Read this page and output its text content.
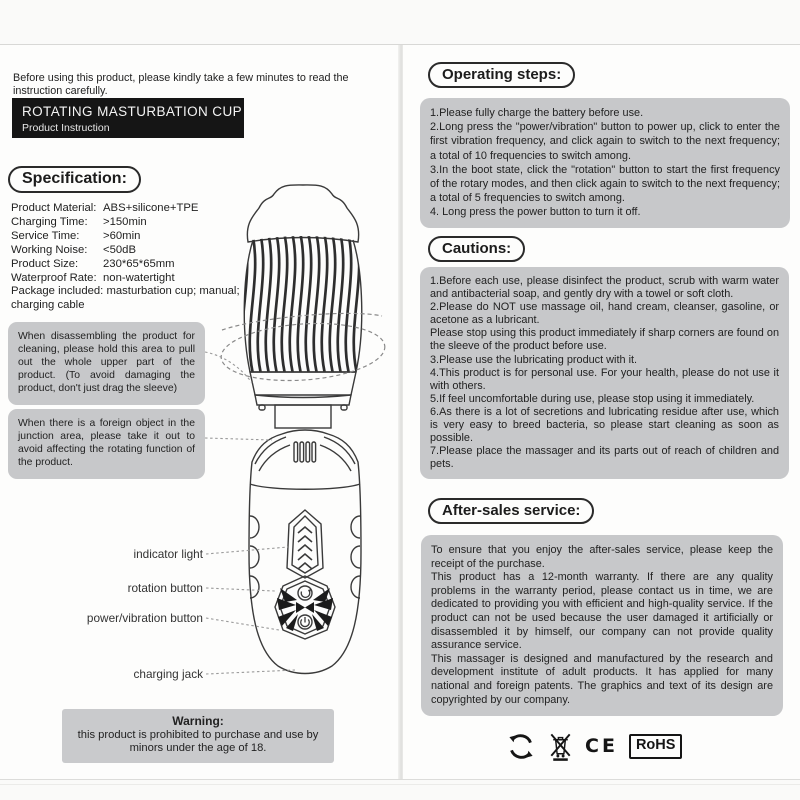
Before using this product, please kindly take a few minutes to read the instruction carefully.

ROTATING MASTURBATION CUP
Product Instruction
Specification:
Product Material: ABS+silicone+TPE
Charging Time:	>150min
Service Time:	>60min
Working Noise:	<50dB
Product Size:	230*65*65mm
Waterproof Rate: non-watertight
Package included: masturbation cup; manual; charging cable
When disassembling the product for cleaning, please hold this area to pull out the whole upper part of the product. (To avoid damaging the product, don't just drag the sleeve)
When there is a foreign object in the junction area, please take it out to avoid affecting the rotating function of the product.
indicator light
rotation button
power/vibration button
charging jack
Warning:
this product is prohibited to purchase and use by minors under the age of 18.
Operating steps:

1.Please fully charge the battery before use.

2.Long press the "power/vibration" button to power up, click to enter the first vibration frequency, and click again to switch to the next frequency; a total of 10 frequencies to switch among.

3.In the boot state, click the "rotation" button to start the first frequency of the rotary modes, and then click again to switch to the next frequency; a total of 5 frequencies to switch among.

4. Long press the power button to turn it off.

Cautions:

1.Before each use, please disinfect the product, scrub with warm water and antibacterial soap, and gently dry with a towel or soft cloth.

2.Please do NOT use massage oil, hand cream, cleanser, gasoline, or acetone as a lubricant.

Please stop using this product immediately if sharp corners are found on the sleeve of the product before use.

3.Please use the lubricating product with it.

4.This product is for personal use. For your health, please do not use it with others.

5.If feel uncomfortable during use, please stop using it immediately.

6.As there is a lot of secretions and lubricating residue after use, which is very easy to breed bacteria, so please start cleaning as soon as possible.

7.Please place the massager and its parts out of reach of children and pets.

After-sales service:

To ensure that you enjoy the after-sales service, please keep the receipt of the purchase.

This product has a 12-month warranty. If there are any quality problems in the warranty period, please contact us in time, we are dedicated to providing you with efficient and high-quality service. If the product can not be used because the user damaged it artificially or disassembled it by himself, our company can not provide quality assurance service.

This massager is designed and manufactured by the research and development institute of adult products. It has applied for many national and foreign patents. The graphics and text of its design are copyrighted by our company.

CE	RoHS
